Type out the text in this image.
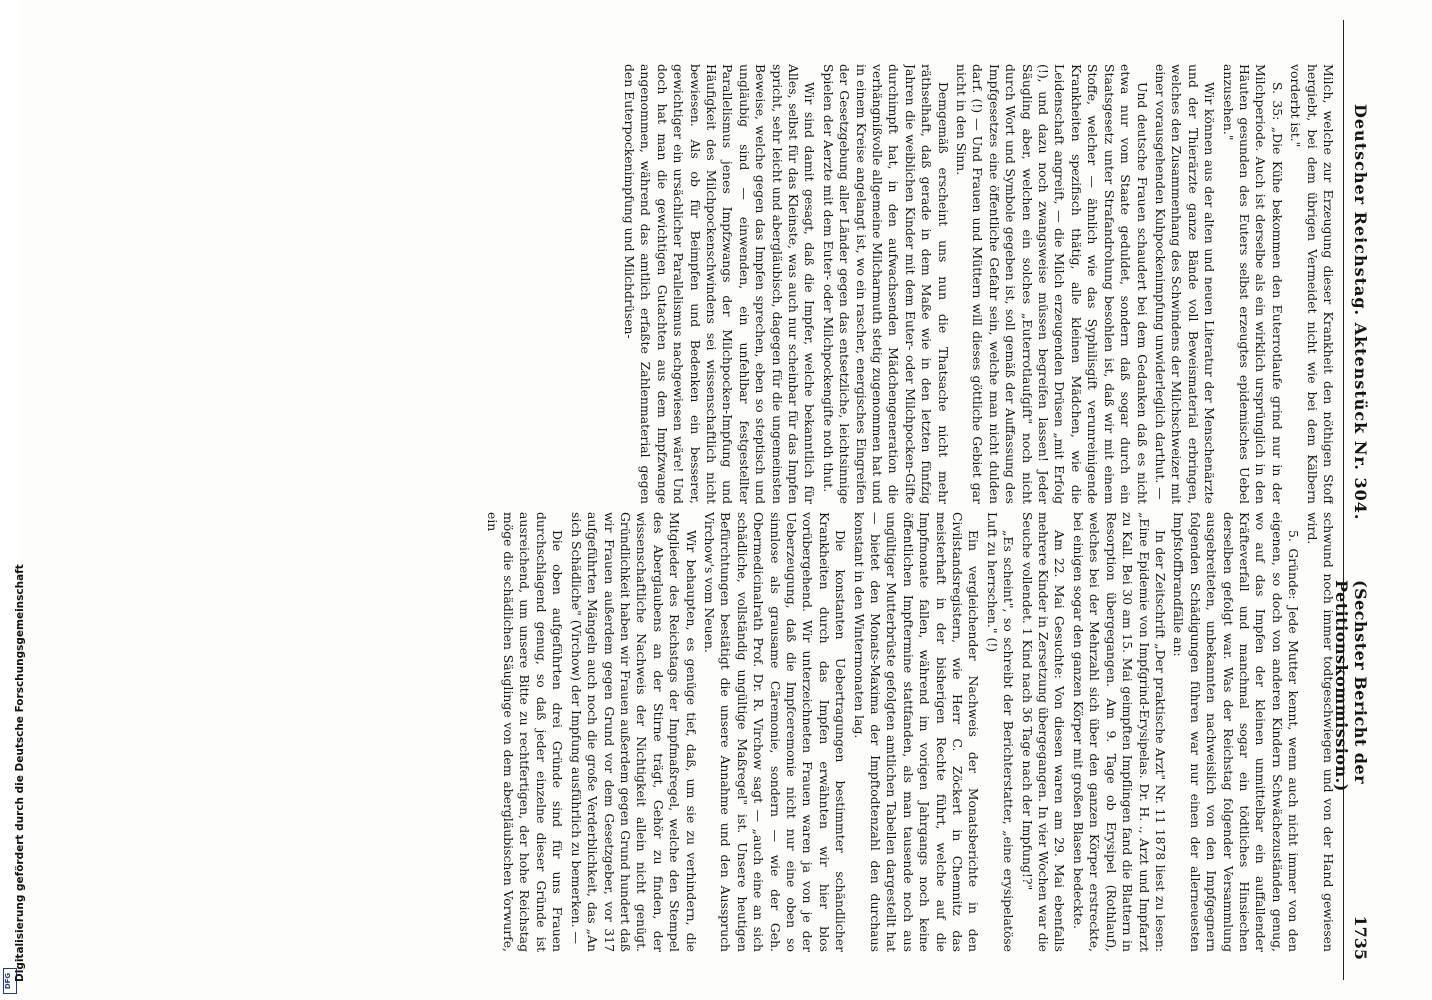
Deutscher Reichstag. Aktenstück Nr. 304.
(Sechster Bericht der Petitionskommission.)
1735

Milch, welche zur Erzeugung dieser Krankheit den nöthigen Stoff hergiebt, bei dem übrigen Vermeidet nicht wie bei dem Kälbern vorderbt ist."

S. 35: „Die Kühe bekommen den Euterrotlaufe grind nur in der Milchperiode. Auch ist derselbe als ein wirklich ursprünglich in den Häuten gesunden des Euters selbst erzeugtes epidemisches Uebel anzusehen."

Wir können aus der alten und neuen Literatur der Menschenärzte und der Thierärzte ganze Bände voll Beweismaterial erbringen, welches den Zusammenhang des Schwindens der Milchschweizer mit einer vorausgehenden Kuhpockenimpfung unwiderleglich darthut. —

Und deutsche Frauen schaudert bei dem Gedanken daß es nicht etwa nur vom Staate geduldet, sondern daß sogar durch ein Staatsgesetz unter Strafandrohung besohlen ist, daß wir mit einem Stoffe, welcher — ähnlich wie das Syphilisgift verunreinigende Krankheiten spezifisch thätig, alle kleinen Mädchen, wie die Leidenschaft angreift, — die Milch erzeugenden Drüsen „mit Erfolg (!), und dazu noch zwangsweise müssen begreifen lassen! Jeder Säugling aber, welchen ein solches „Euterrotlaufgift" noch nicht durch Wort und Symbole gegeben ist, soll gemäß der Auffassung des Impfgesetzes eine öffentliche Gefahr sein, welche man nicht dulden darf. (!) — Und Frauen und Müttern will dieses göttliche Gebiet gar nicht in den Sinn.

Demgemäß erscheint uns nun die Thatsache nicht mehr räthselhaft, daß gerade in dem Maße wie in den letzten fünfzig Jahren die weiblichen Kinder mit dem Euter- oder Milchpocken-Gifte durchimpft hat, in den aufwachsenden Mädchengeneration die verhängnißvolle allgemeine Milcharmuth stetig zugenommen hat und in einem Kreise angelangt ist, wo ein rascher, energisches Eingreifen der Gesetzgebung aller Länder gegen das entsetzliche, leichtsinnige Spielen der Aerzte mit dem Euter- oder Milchpockengifte noth thut.

Wir sind damit gesagt, daß die Impfer, welche bekanntlich für Alles, selbst für das Kleinste, was auch nur scheinbar für das Impfen spricht, sehr leicht und abergläubisch, dagegen für die ungemeinsten Beweise, welche gegen das Impfen sprechen, eben so steptisch und ungläubig sind — einwenden, ein unfehlbar festgestellter Parallelismus jenes Impfzwangs der Milchpocken-Impfung und Häufigkeit des Milchpockenschwindens sei wissenschaftlich nicht bewiesen. Als ob für Beimpfen und Bedenken ein besserer, gewichtiger ein ursächlicher Parallelismus nachgewiesen wäre! Und doch hat man die gewichtigen Gutachten aus dem Impfzwange angenommen, während das amtlich erfaßte Zahlenmaterial gegen den Euterpockenimpfung und Milchdrüsen-

schwund noch immer todtgeschwiegen und von der Hand gewiesen wird.

5. Gründe: Jede Mutter kennt, wenn auch nicht immer von den eigenen, so doch von anderen Kindern Schwächezuständen genug, wo auf das Impfen der kleinen unmittelbar ein auffallender Kräfteverfall und manchmal sogar ein tödtliches Hinsiechen derselben gefolgt war. Was der Reichstag folgender Versammlung ausgebreiteten, unbekannten nachweislich von den Impfgegnern folgenden Schädigungen führen war nur einen der allerneuesten Impfstoffbrandfälle an:

In der Zeitschrift „Der praktische Arzt" Nr. 11 1878 liest zu lesen: „Eine Epidemie von Impfgrind-Erysipelas. Dr. H. ., Arzt und Impfarzt zu Kall. Bei 30 am 15. Mai geimpften Impflingen fand die Blattern in Resorption übergegangen. Am 9. Tage ob Erysipel (Rothlauf), welches bei der Mehrzahl sich über den ganzen Körper erstreckte, bei einigen sogar den ganzen Körper mit großen Blasen bedeckte.

Am 22. Mai Gesuchte: Von diesen waren am 29. Mai ebenfalls mehrere Kinder in Zersetzung übergegangen. In vier Wochen war die Seuche vollendet. 1 Kind nach 36 Tage nach der Impfung!?"

„Es scheint", so schreibt der Berichterstatter, „eine erysipelatöse Luft zu herrschen." (!)

Ein vergleichender Nachweis der Monatsberichte in den Civilstandsregistern, wie Herr C. Zöckert in Chemnitz das meisterhaft in der bisherigen Rechte führt, welche auf die Impfmonate fallen, während im vorigen Jahrgangs noch keine öffentlichen Impftermine stattfanden, als man tausende noch aus ungültiger Mutterbrüste gefolgten amtlichen Tabellen dargestellt hat — bietet den Monats-Maxima der Impftodtenzahl den durchaus konstant in den Wintermonaten lag.

Die konstanten Uebertragungen bestimmter schändlicher Krankheiten durch das Impfen erwähnten wir hier blos vorübergehend. Wir unterzeichneten Frauen waren ja von je der Ueberzeugung, daß die Impfceremonie nicht nur eine oben so sinnlose als grausame Cäremonie, sondern — wie der Geh. Obermedicinalrath Prof. Dr. R. Virchow sagt — „auch eine an sich schädliche, vollständig ungültige Maßregel" ist. Unsere heutigen Befürchtungen bestätigt die unsere Annahme und den Ausspruch Virchow's vom Neuen.

Wir behaupten, es genüge tief, daß, um sie zu verhindern, die Mitglieder des Reichstags der Impfmaßregel, welche den Stempel des Aberglaubens an der Stirne trägt, Gehör zu finden, der wissenschaftliche Nachweis der Nichtigkeit allein nicht genügt. Gründlichkeit haben wir Frauen außerdem gegen Grund hundert daß wir Frauen außerdem gegen Grund vor dem Gesetzgeber, vor 317 aufgeführten Mängeln auch noch die große Verderblichkeit, das „An sich Schädliche" (Virchow) der Impfung ausführlich zu bemerken. —

Die oben aufgeführten drei Gründe sind für uns Frauen durchschlagend genug, so daß jeder einzelne dieser Gründe ist ausreichend, um unsere Bitte zu rechtfertigen, der hohe Reichstag möge die schädlichen Säuglinge von dem abergläubischen Vorwurfe, ein

DFG Digitalisierung gefördert durch die Deutsche Forschungsgemeinschaft
